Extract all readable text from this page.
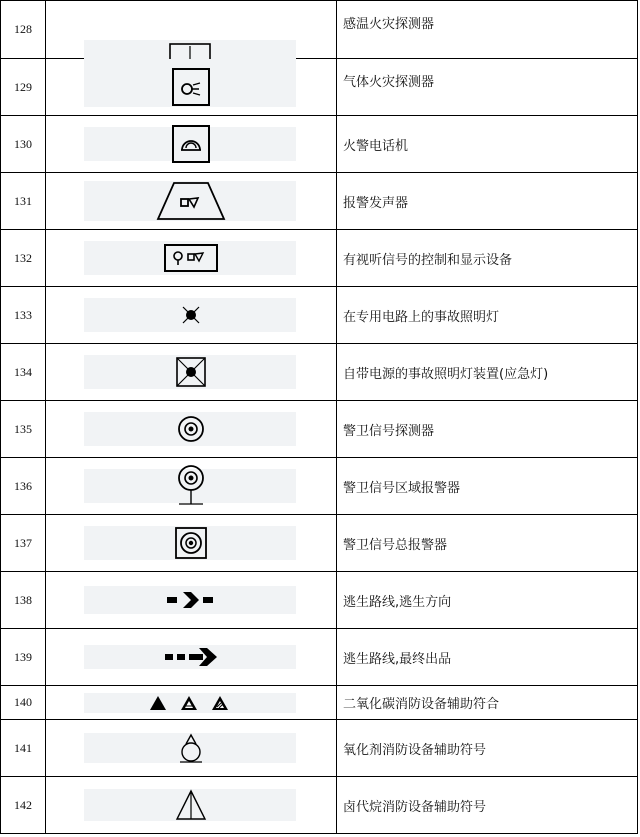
128		感温火灾探测器
129		气体火灾探测器
130		火警电话机
131		报警发声器
132		有视听信号的控制和显示设备
133		在专用电路上的事故照明灯
134		自带电源的事故照明灯装置(应急灯)
135		警卫信号探测器
136		警卫信号区域报警器
137		警卫信号总报警器
138		逃生路线,逃生方向
139		逃生路线,最终出品
140		二氧化碳消防设备辅助符合
141		氧化剂消防设备辅助符号
142		卤代烷消防设备辅助符号
